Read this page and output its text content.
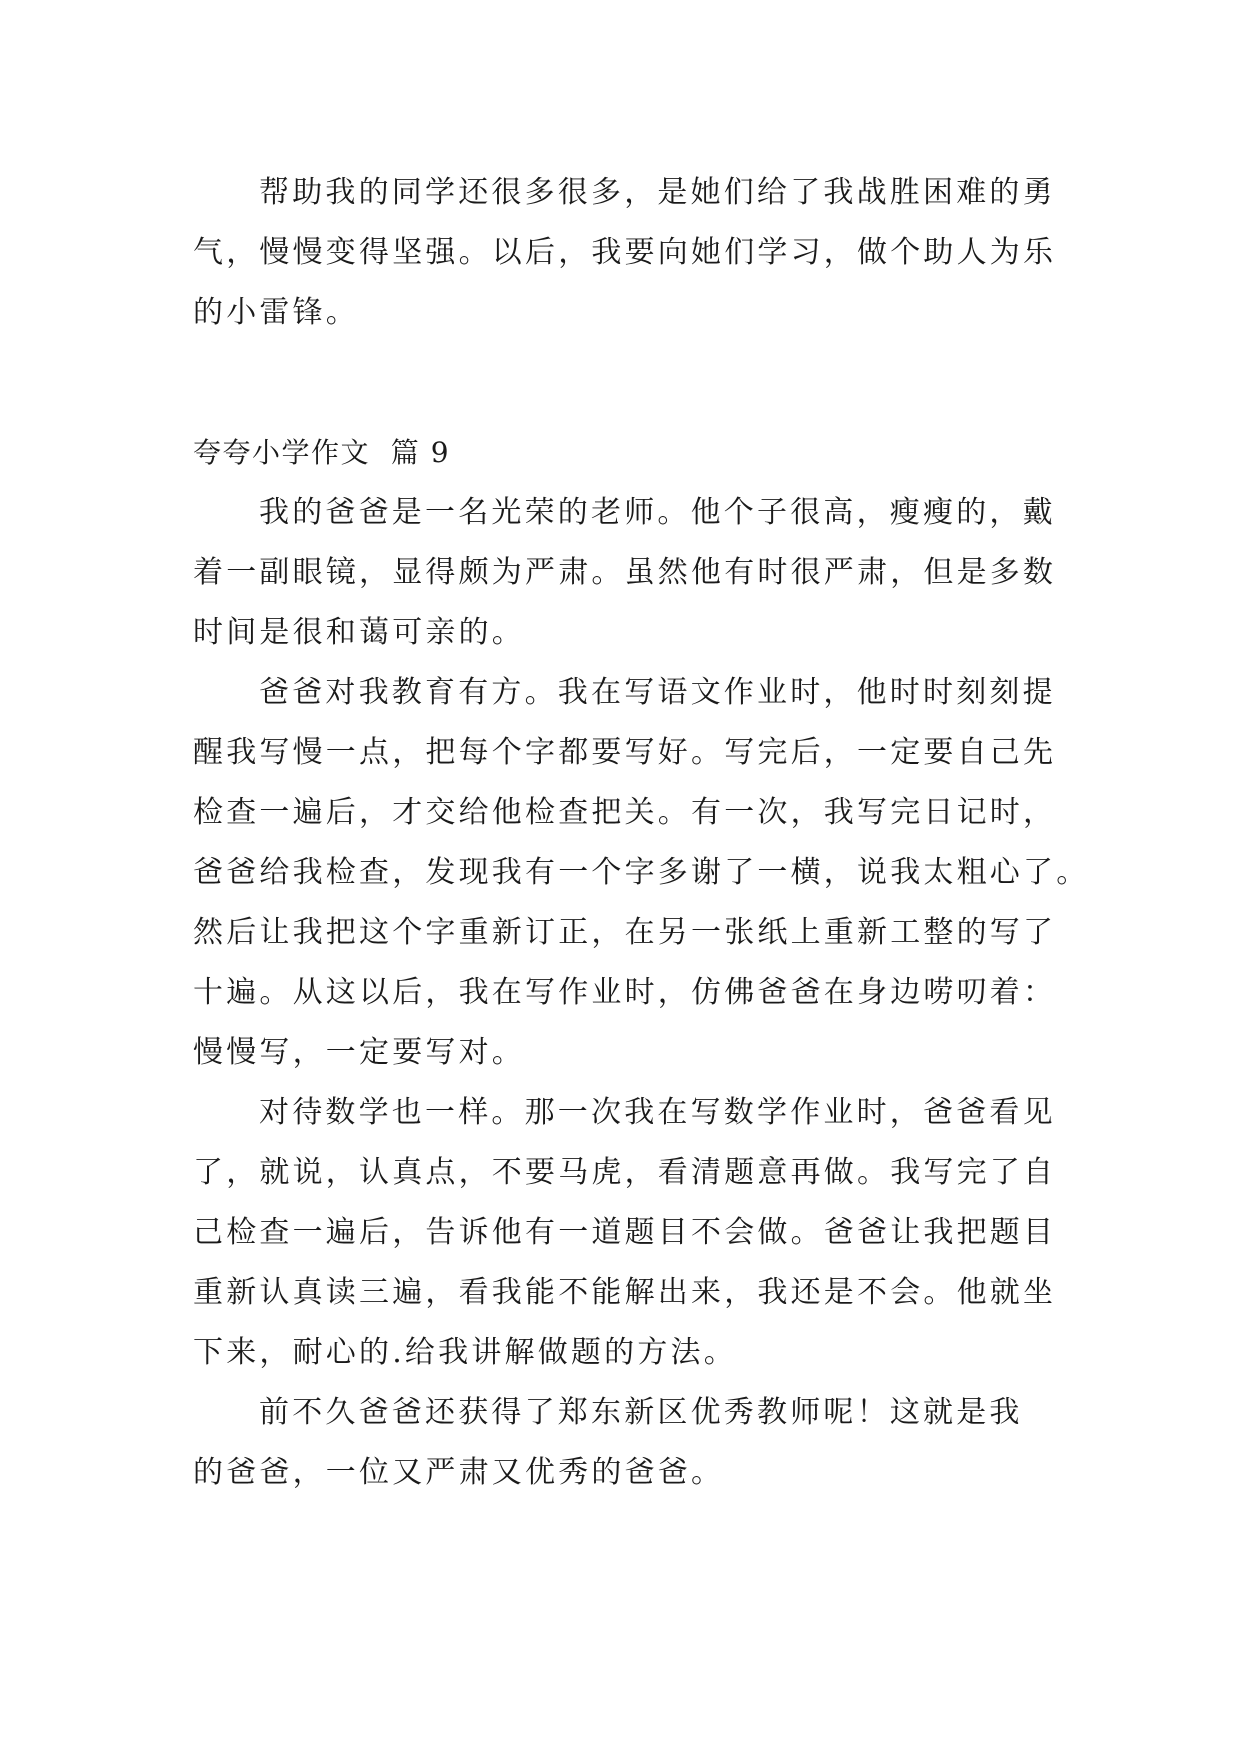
帮助我的同学还很多很多，是她们给了我战胜困难的勇
气，慢慢变得坚强。以后，我要向她们学习，做个助人为乐
的小雷锋。
夸夸小学作文  篇 9
我的爸爸是一名光荣的老师。他个子很高，瘦瘦的，戴
着一副眼镜，显得颇为严肃。虽然他有时很严肃，但是多数
时间是很和蔼可亲的。
爸爸对我教育有方。我在写语文作业时，他时时刻刻提
醒我写慢一点，把每个字都要写好。写完后，一定要自己先
检查一遍后，才交给他检查把关。有一次，我写完日记时，
爸爸给我检查，发现我有一个字多谢了一横，说我太粗心了。
然后让我把这个字重新订正，在另一张纸上重新工整的写了
十遍。从这以后，我在写作业时，仿佛爸爸在身边唠叨着：
慢慢写，一定要写对。
对待数学也一样。那一次我在写数学作业时，爸爸看见
了，就说，认真点，不要马虎，看清题意再做。我写完了自
己检查一遍后，告诉他有一道题目不会做。爸爸让我把题目
重新认真读三遍，看我能不能解出来，我还是不会。他就坐
下来，耐心的.给我讲解做题的方法。
前不久爸爸还获得了郑东新区优秀教师呢！这就是我
的爸爸，一位又严肃又优秀的爸爸。
